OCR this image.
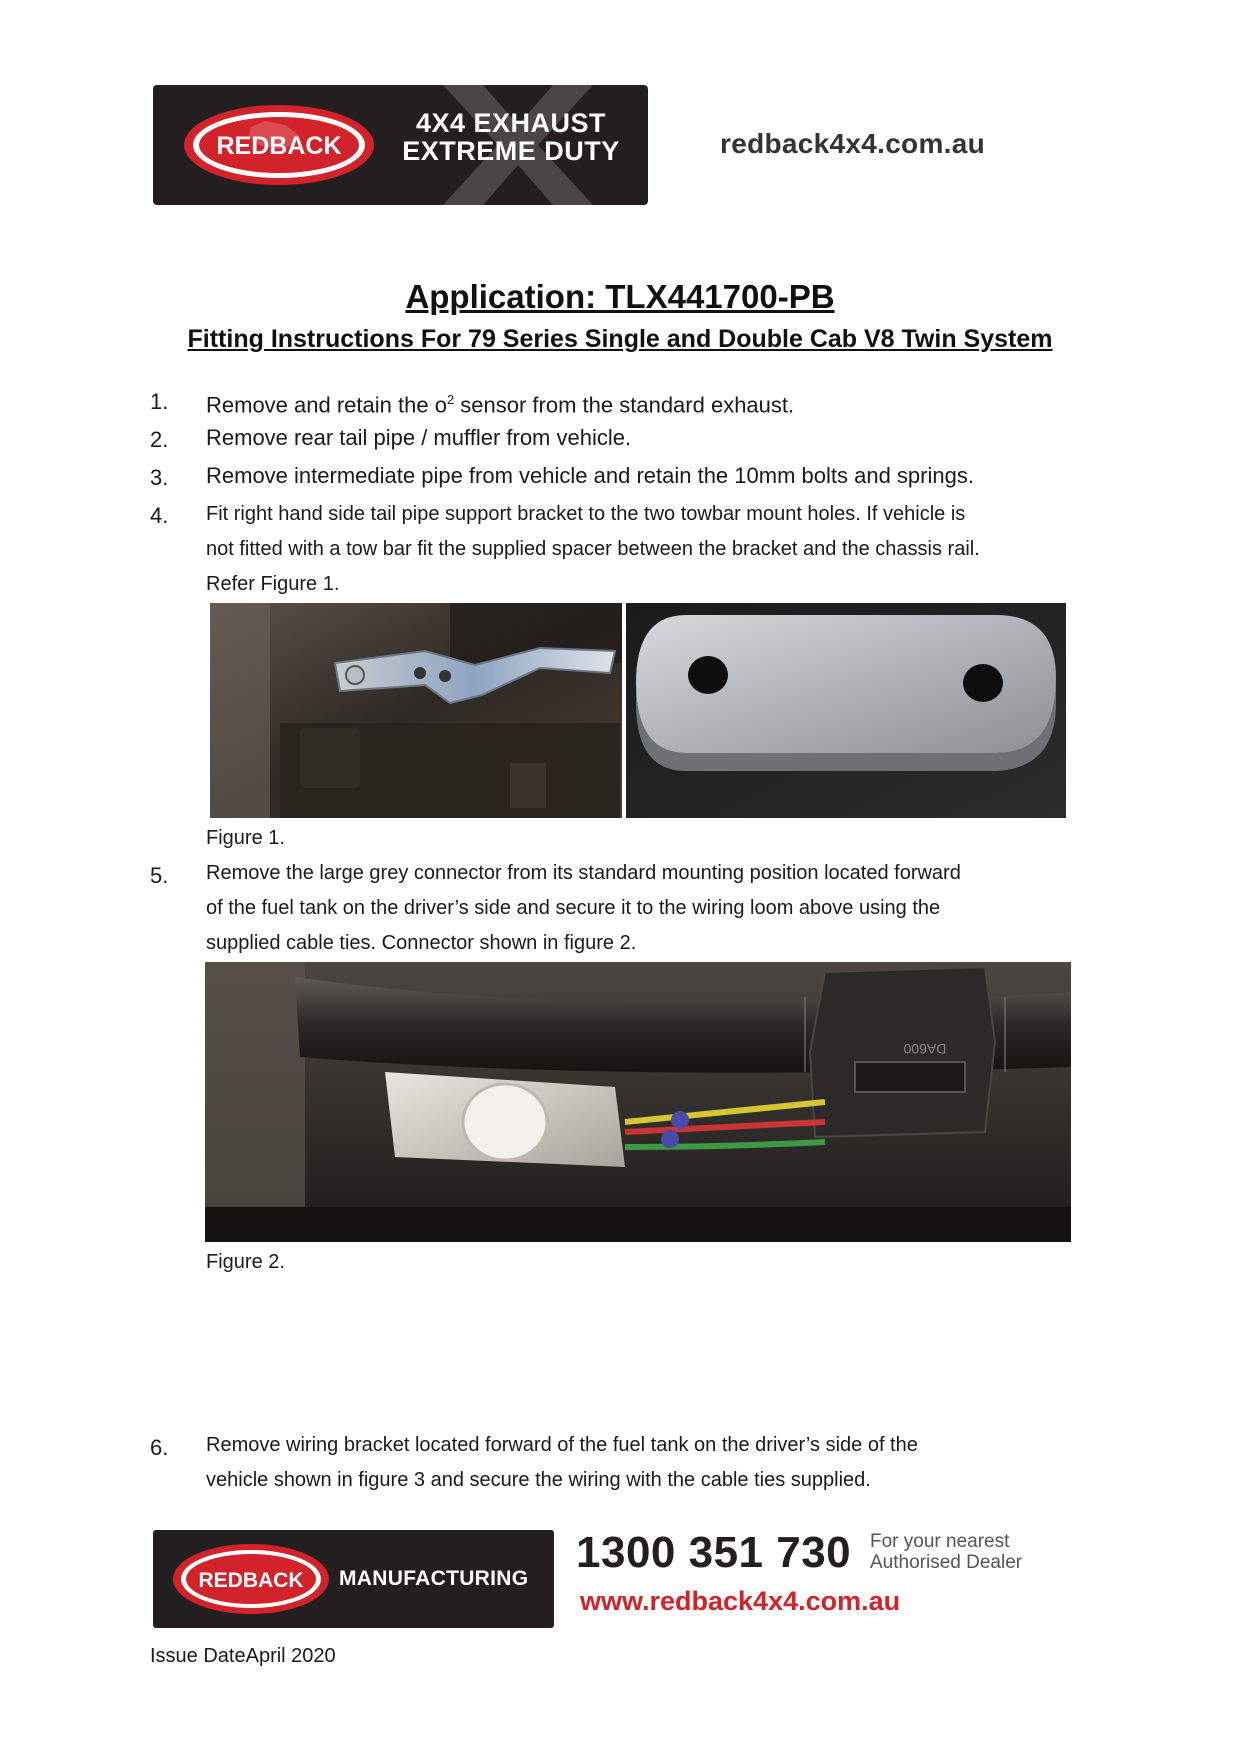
REDBACK
4X4 EXHAUST
EXTREME DUTY	redback4x4.com.au
Application: TLX441700-PB
Fitting Instructions For 79 Series Single and Double Cab V8 Twin System
1. Remove and retain the $o^2$ sensor from the standard exhaust.
2. Remove rear tail pipe / muffler from vehicle.
3. Remove intermediate pipe from vehicle and retain the 10mm bolts and springs.
4. Fit right hand side tail pipe support bracket to the two towbar mount holes. If vehicle is
not fitted with a tow bar fit the supplied spacer between the bracket and the chassis rail.
Refer Figure 1.
Figure 1.
5. Remove the large grey connector from its standard mounting position located forward
of the fuel tank on the driver’s side and secure it to the wiring loom above using the
supplied cable ties. Connector shown in figure 2.
DA600
Figure 2.
6. Remove wiring bracket located forward of the fuel tank on the driver’s side of the
vehicle shown in figure 3 and secure the wiring with the cable ties supplied.
REDBACK MANUFACTURING
1300 351 730 For your nearest
Authorised Dealer
www.redback4x4.com.au
Issue DateApril 2020
